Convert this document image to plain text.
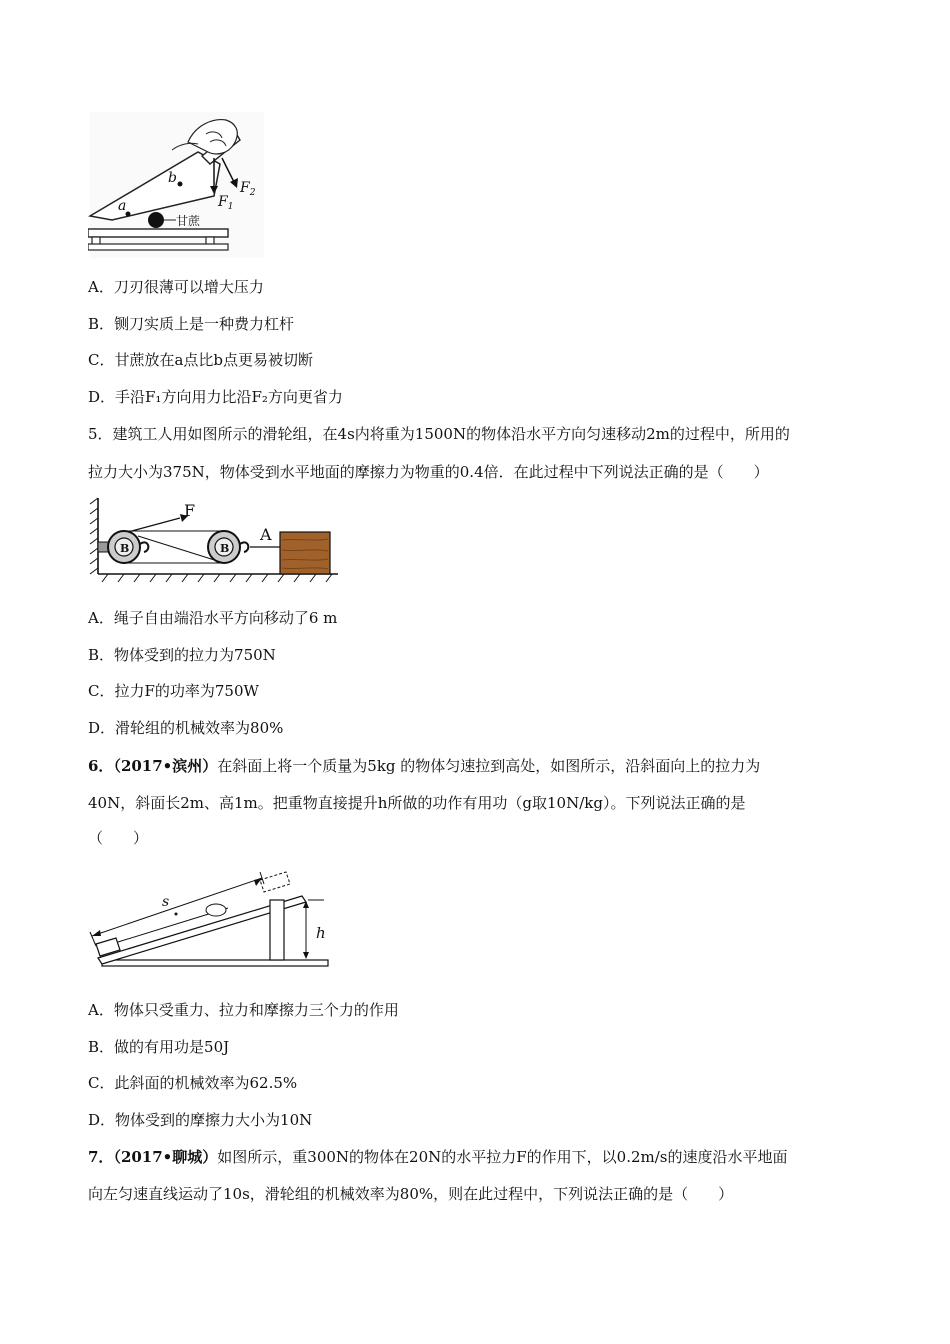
甘蔗
a
b
$F_1$
$F_2$
A．刀刃很薄可以增大压力
B．铡刀实质上是一种费力杠杆
C．甘蔗放在a点比b点更易被切断
D．手沿F₁方向用力比沿F₂方向更省力
5．建筑工人用如图所示的滑轮组，在4s内将重为1500N的物体沿水平方向匀速移动2m的过程中，所用的
拉力大小为375N，物体受到水平地面的摩擦力为物重的0.4倍．在此过程中下列说法正确的是（　　）
B	B
F
A
A．绳子自由端沿水平方向移动了6 m
B．物体受到的拉力为750N
C．拉力F的功率为750W
D．滑轮组的机械效率为80%
6．（2017•滨州）在斜面上将一个质量为5kg 的物体匀速拉到高处，如图所示，沿斜面向上的拉力为
40N，斜面长2m、高1m。把重物直接提升h所做的功作有用功（g取10N/kg）。下列说法正确的是
（　　）
s
h
A．物体只受重力、拉力和摩擦力三个力的作用
B．做的有用功是50J
C．此斜面的机械效率为62.5%
D．物体受到的摩擦力大小为10N
7．（2017•聊城）如图所示，重300N的物体在20N的水平拉力F的作用下，以0.2m/s的速度沿水平地面
向左匀速直线运动了10s，滑轮组的机械效率为80%，则在此过程中，下列说法正确的是（　　）
